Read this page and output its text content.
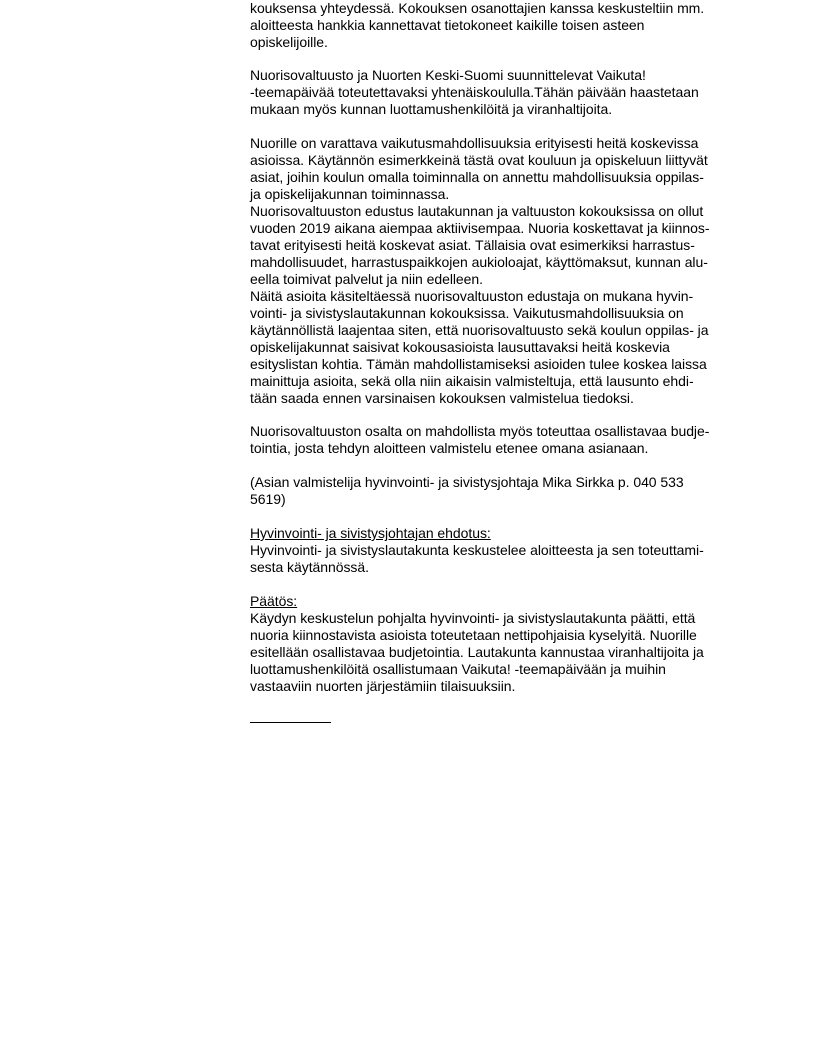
kouksensa yhteydessä. Kokouksen osanottajien kanssa keskusteltiin mm.
aloitteesta hankkia kannettavat tietokoneet kaikille toisen asteen
opiskelijoille.
Nuorisovaltuusto ja Nuorten Keski-Suomi suunnittelevat Vaikuta!
-teemapäivää toteutettavaksi yhtenäiskoululla.Tähän päivään haastetaan
mukaan myös kunnan luottamushenkilöitä ja viranhaltijoita.
Nuorille on varattava vaikutusmahdollisuuksia erityisesti heitä koskevissa
asioissa. Käytännön esimerkkeinä tästä ovat kouluun ja opiskeluun liittyvät
asiat, joihin koulun omalla toiminnalla on annettu mahdollisuuksia oppilas-
ja opiskelijakunnan toiminnassa.
Nuorisovaltuuston edustus lautakunnan ja valtuuston kokouksissa on ollut
vuoden 2019 aikana aiempaa aktiivisempaa. Nuoria koskettavat ja kiinnos-
tavat erityisesti heitä koskevat asiat. Tällaisia ovat esimerkiksi harrastus-
mahdollisuudet, harrastuspaikkojen aukioloajat, käyttömaksut, kunnan alu-
eella toimivat palvelut ja niin edelleen.
Näitä asioita käsiteltäessä nuorisovaltuuston edustaja on mukana hyvin-
vointi- ja sivistyslautakunnan kokouksissa. Vaikutusmahdollisuuksia on
käytännöllistä laajentaa siten, että nuorisovaltuusto sekä koulun oppilas- ja
opiskelijakunnat saisivat kokousasioista lausuttavaksi heitä koskevia
esityslistan kohtia. Tämän mahdollistamiseksi asioiden tulee koskea laissa
mainittuja asioita, sekä olla niin aikaisin valmisteltuja, että lausunto ehdi-
tään saada ennen varsinaisen kokouksen valmistelua tiedoksi.
Nuorisovaltuuston osalta on mahdollista myös toteuttaa osallistavaa budje-
tointia, josta tehdyn aloitteen valmistelu etenee omana asianaan.
(Asian valmistelija hyvinvointi- ja sivistysjohtaja Mika Sirkka p. 040 533
5619)
Hyvinvointi- ja sivistysjohtajan ehdotus:
Hyvinvointi- ja sivistyslautakunta keskustelee aloitteesta ja sen toteuttami-
sesta käytännössä.
Päätös:
Käydyn keskustelun pohjalta hyvinvointi- ja sivistyslautakunta päätti, että
nuoria kiinnostavista asioista toteutetaan nettipohjaisia kyselyitä. Nuorille
esitellään osallistavaa budjetointia. Lautakunta kannustaa viranhaltijoita ja
luottamushenkilöitä osallistumaan Vaikuta! -teemapäivään ja muihin
vastaaviin nuorten järjestämiin tilaisuuksiin.
